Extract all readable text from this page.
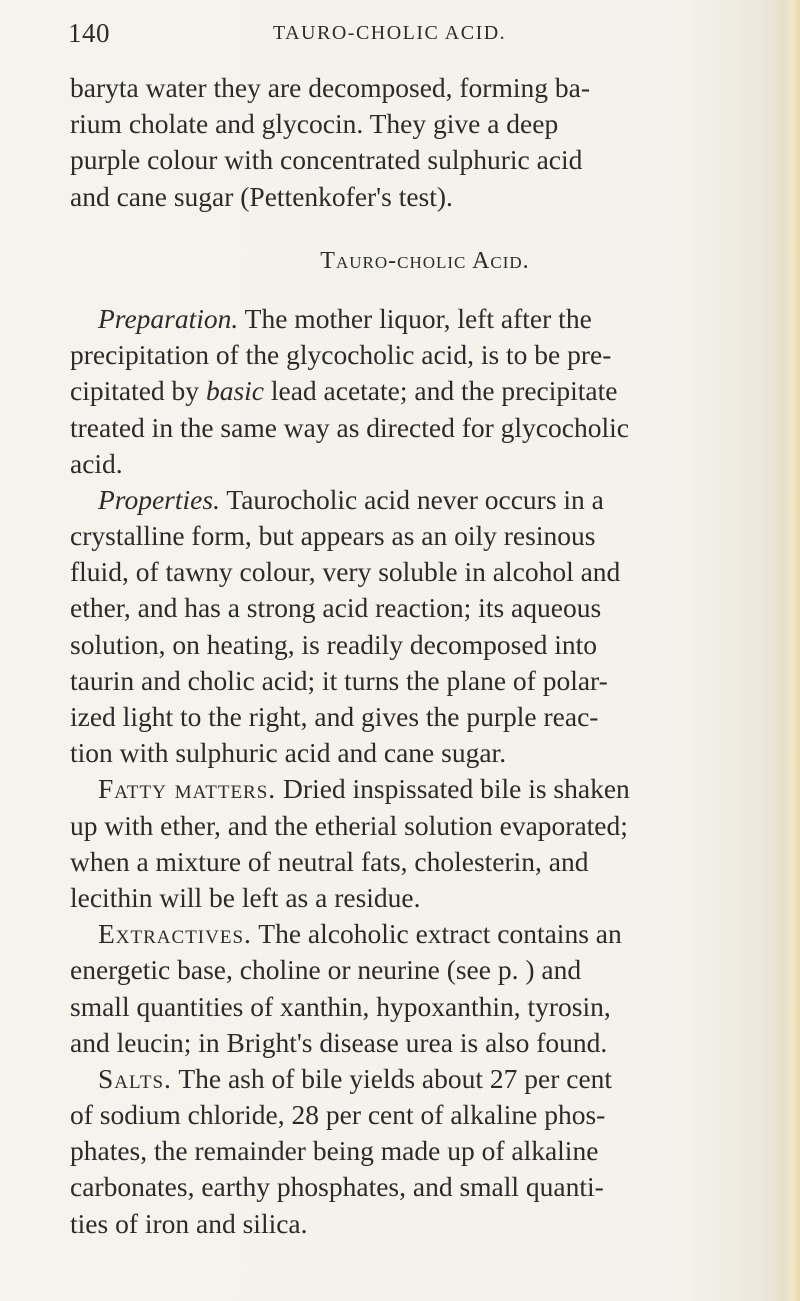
140	TAURO-CHOLIC ACID.
baryta water they are decomposed, forming ba-
rium cholate and glycocin. They give a deep
purple colour with concentrated sulphuric acid
and cane sugar (Pettenkofer's test).
Tauro-cholic Acid.
Preparation. The mother liquor, left after the
precipitation of the glycocholic acid, is to be pre-
cipitated by basic lead acetate; and the precipitate
treated in the same way as directed for glycocholic
acid.
Properties. Taurocholic acid never occurs in a
crystalline form, but appears as an oily resinous
fluid, of tawny colour, very soluble in alcohol and
ether, and has a strong acid reaction; its aqueous
solution, on heating, is readily decomposed into
taurin and cholic acid; it turns the plane of polar-
ized light to the right, and gives the purple reac-
tion with sulphuric acid and cane sugar.
Fatty matters. Dried inspissated bile is shaken
up with ether, and the etherial solution evaporated;
when a mixture of neutral fats, cholesterin, and
lecithin will be left as a residue.
Extractives. The alcoholic extract contains an
energetic base, choline or neurine (see p. ) and
small quantities of xanthin, hypoxanthin, tyrosin,
and leucin; in Bright's disease urea is also found.
Salts. The ash of bile yields about 27 per cent
of sodium chloride, 28 per cent of alkaline phos-
phates, the remainder being made up of alkaline
carbonates, earthy phosphates, and small quanti-
ties of iron and silica.
